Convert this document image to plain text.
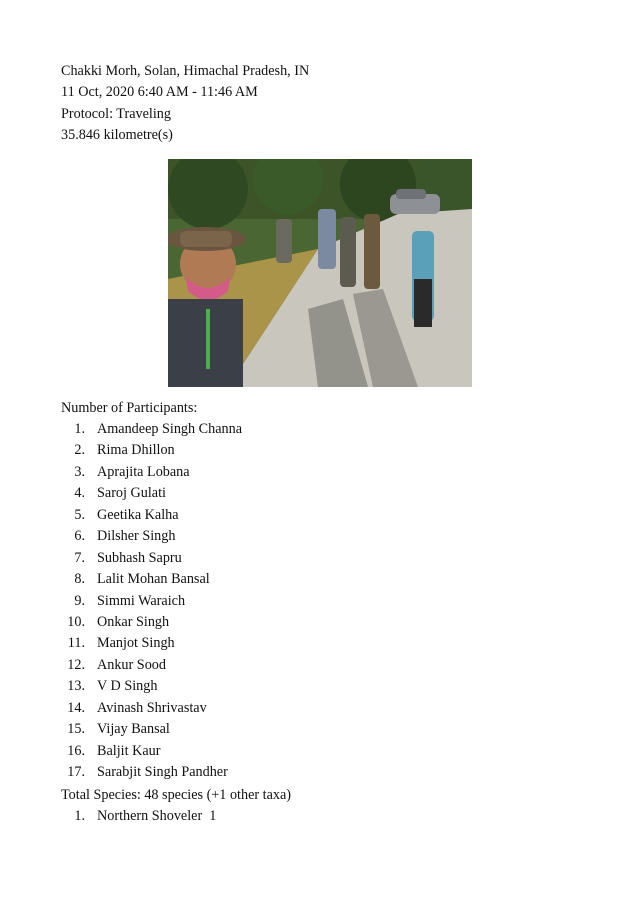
Chakki Morh, Solan, Himachal Pradesh, IN
11 Oct, 2020 6:40 AM - 11:46 AM
Protocol: Traveling
35.846 kilometre(s)
Number of Participants:
1. Amandeep Singh Channa
2. Rima Dhillon
3. Aprajita Lobana
4. Saroj Gulati
5. Geetika Kalha
6. Dilsher Singh
7. Subhash Sapru
8. Lalit Mohan Bansal
9. Simmi Waraich
10. Onkar Singh
11. Manjot Singh
12. Ankur Sood
13. V D Singh
14. Avinash Shrivastav
15. Vijay Bansal
16. Baljit Kaur
17. Sarabjit Singh Pandher
Total Species: 48 species (+1 other taxa)
1. Northern Shoveler  1
